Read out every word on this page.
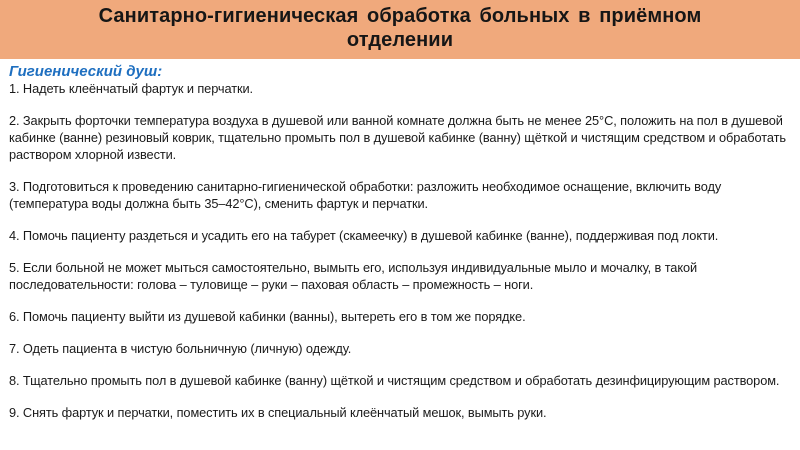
Санитарно-гигиеническая обработка больных в приёмном отделении
Гигиенический душ:

1. Надеть клеёнчатый фартук и перчатки.

2. Закрыть форточки температура воздуха в душевой или ванной комнате должна быть не менее 25°С, положить на пол в душевой кабинке (ванне) резиновый коврик, тщательно промыть пол в душевой кабинке (ванну) щёткой и чистящим средством и обработать раствором хлорной извести.

3. Подготовиться к проведению санитарно-гигиенической обработки: разложить необходимое оснащение, включить воду (температура воды должна быть 35–42°С), сменить фартук и перчатки.

4. Помочь пациенту раздеться и усадить его на табурет (скамеечку) в душевой кабинке (ванне), поддерживая под локти.

5. Если больной не может мыться самостоятельно, вымыть его, используя индивидуальные мыло и мочалку, в такой последовательности: голова – туловище – руки – паховая область – промежность – ноги.

6. Помочь пациенту выйти из душевой кабинки (ванны), вытереть его в том же порядке.

7. Одеть пациента в чистую больничную (личную) одежду.

8. Тщательно промыть пол в душевой кабинке (ванну) щёткой и чистящим средством и обработать дезинфицирующим раствором.

9. Снять фартук и перчатки, поместить их в специальный клеёнчатый мешок, вымыть руки.
